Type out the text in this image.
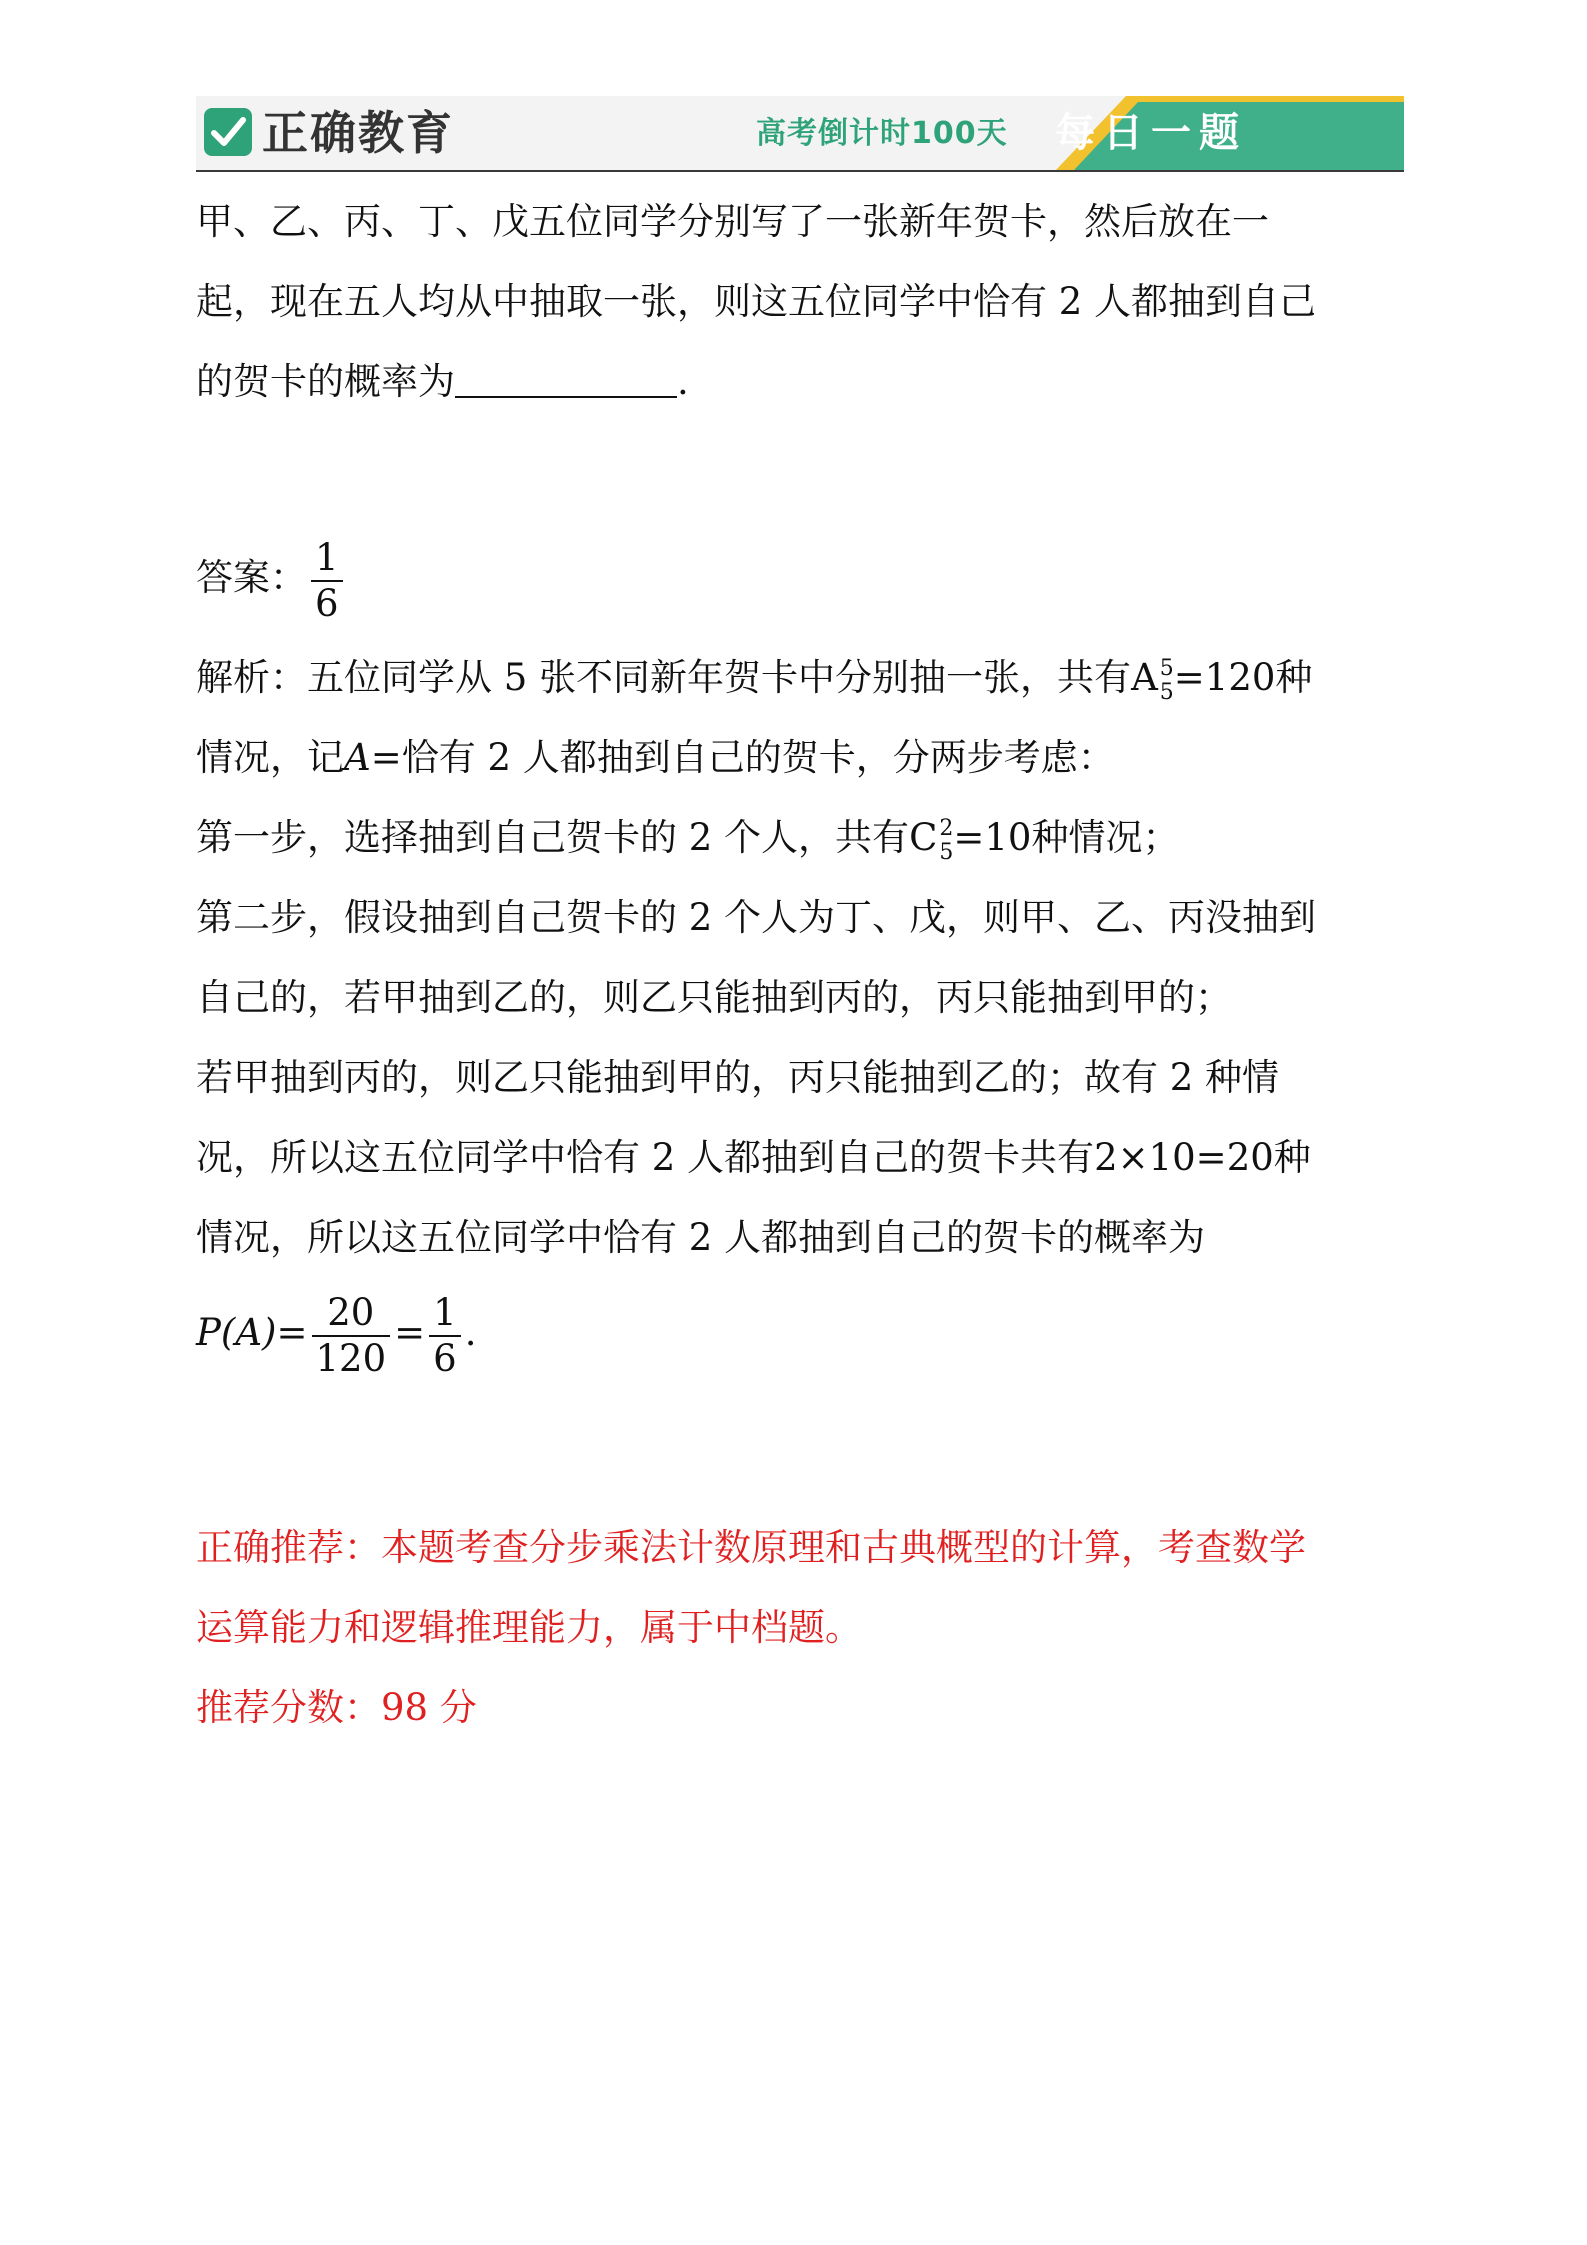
正确教育	高考倒计时100天	每日一题
甲、乙、丙、丁、戊五位同学分别写了一张新年贺卡，然后放在一
起，现在五人均从中抽取一张，则这五位同学中恰有 2 人都抽到自己
的贺卡的概率为	.
答案： $\frac{1}{6}$
解析：五位同学从 5 张不同新年贺卡中分别抽一张，共有A 5
5 =120种
情况，记A=恰有 2 人都抽到自己的贺卡，分两步考虑：
第一步，选择抽到自己贺卡的 2 个人，共有C 2
5 =10种情况；
第二步，假设抽到自己贺卡的 2 个人为丁、戊，则甲、乙、丙没抽到
自己的，若甲抽到乙的，则乙只能抽到丙的，丙只能抽到甲的；
若甲抽到丙的，则乙只能抽到甲的，丙只能抽到乙的；故有 2 种情
况，所以这五位同学中恰有 2 人都抽到自己的贺卡共有2×10=20种
情况，所以这五位同学中恰有 2 人都抽到自己的贺卡的概率为
$P(A)= \frac{20}{120} = \frac{1}{6}$ .
正确推荐：本题考查分步乘法计数原理和古典概型的计算，考查数学
运算能力和逻辑推理能力，属于中档题。
推荐分数：98 分
